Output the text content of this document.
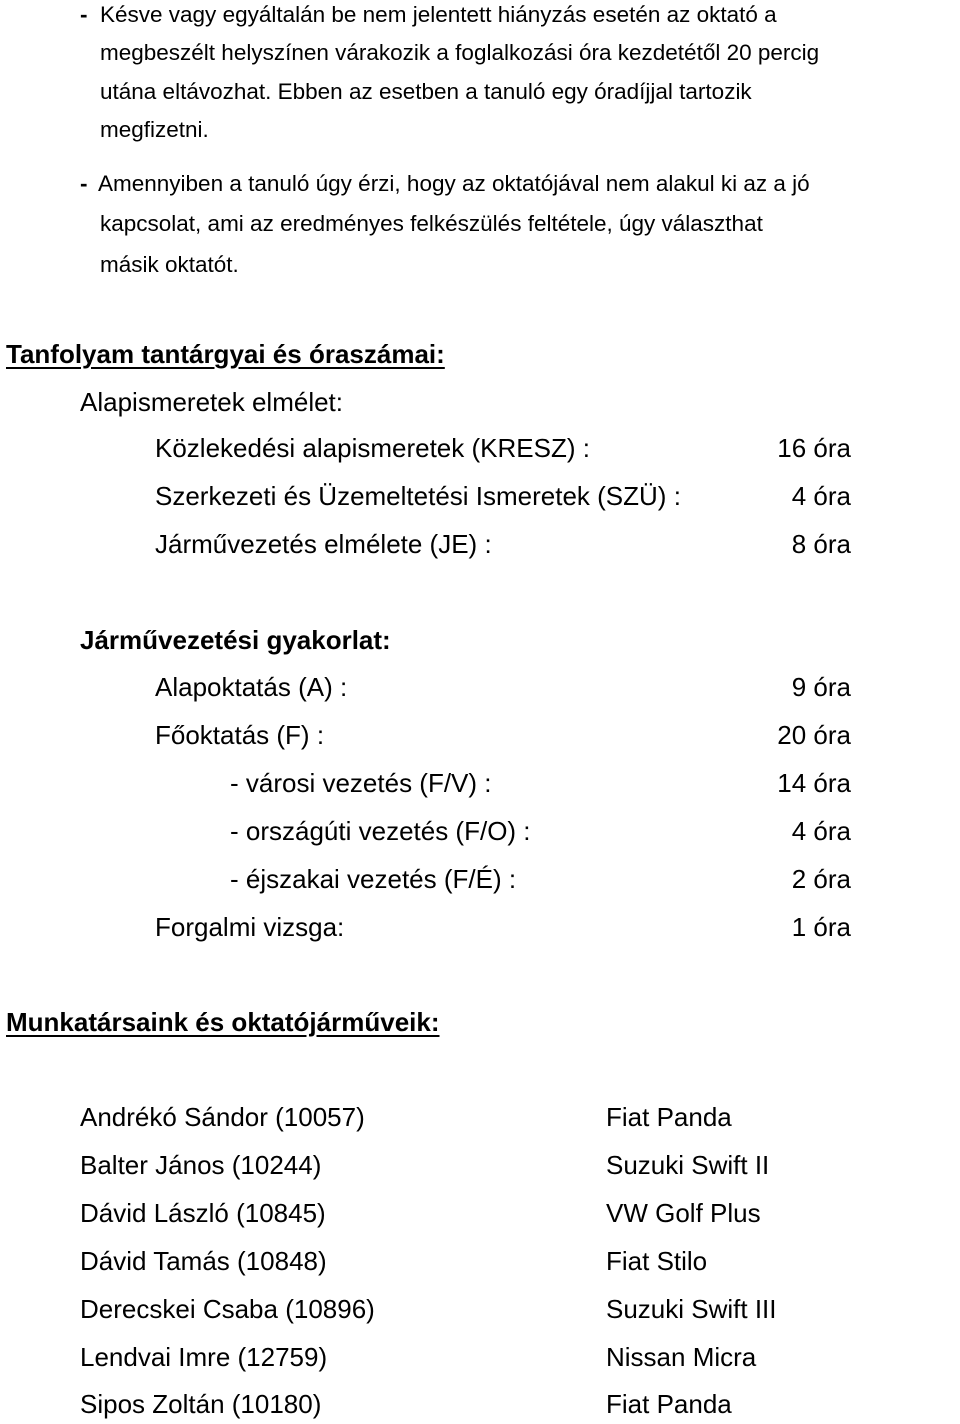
- Késve vagy egyáltalán be nem jelentett hiányzás esetén az oktató a
megbeszélt helyszínen várakozik a foglalkozási óra kezdetétől 20 percig
utána eltávozhat. Ebben az esetben a tanuló egy óradíjjal tartozik
megfizetni.
- Amennyiben a tanuló úgy érzi, hogy az oktatójával nem alakul ki az a jó
kapcsolat, ami az eredményes felkészülés feltétele, úgy választhat
másik oktatót.
Tanfolyam tantárgyai és óraszámai:
Alapismeretek elmélet:
Közlekedési alapismeretek (KRESZ) :	16 óra
Szerkezeti és Üzemeltetési Ismeretek (SZÜ) :	4 óra
Járművezetés elmélete (JE) :	8 óra
Járművezetési gyakorlat:
Alapoktatás (A) :	9 óra
Főoktatás (F) :	20 óra
- városi vezetés (F/V) :	14 óra
- országúti vezetés (F/O) :	4 óra
- éjszakai vezetés (F/É) :	2 óra
Forgalmi vizsga:	1 óra
Munkatársaink és oktatójárműveik:
Andrékó Sándor (10057)	Fiat Panda
Balter János (10244)	Suzuki Swift II
Dávid László (10845)	VW Golf Plus
Dávid Tamás (10848)	Fiat Stilo
Derecskei Csaba (10896)	Suzuki Swift III
Lendvai Imre (12759)	Nissan Micra
Sipos Zoltán (10180)	Fiat Panda
